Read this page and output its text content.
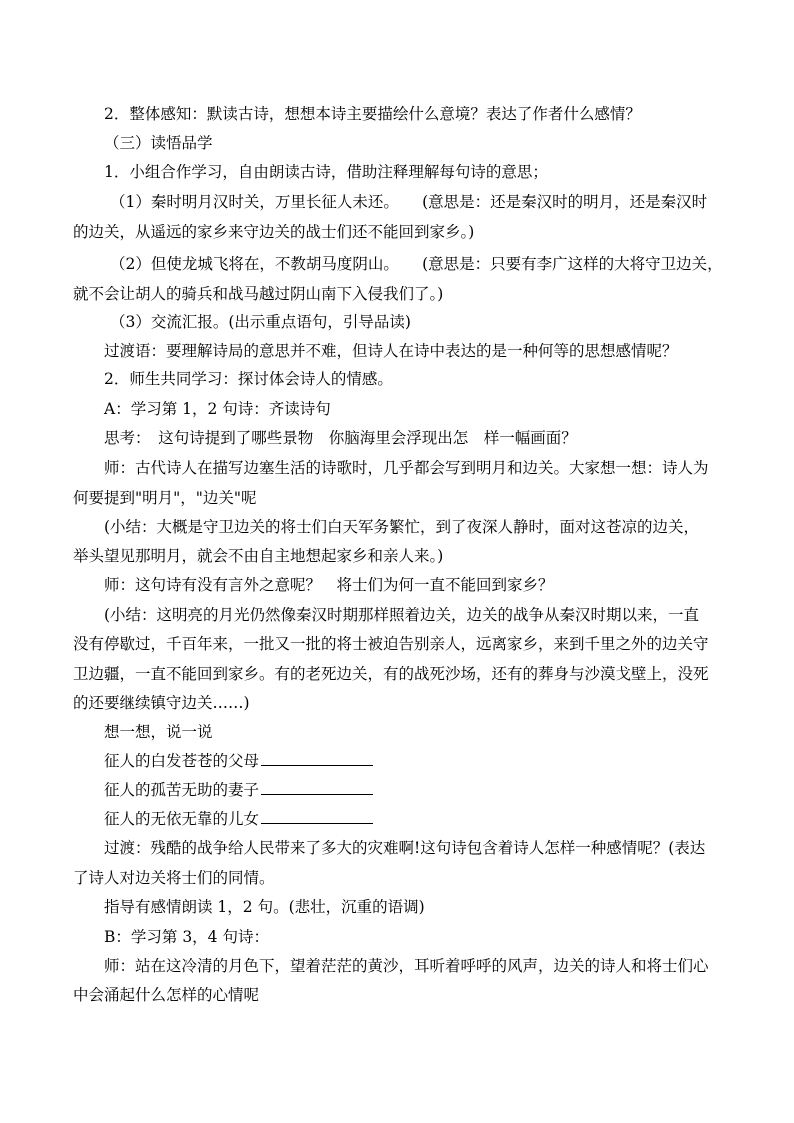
2．整体感知：默读古诗，想想本诗主要描绘什么意境？表达了作者什么感情？
（三）读悟品学
1．小组合作学习，自由朗读古诗，借助注释理解每句诗的意思；
（1）秦时明月汉时关，万里长征人未还。　　(意思是：还是秦汉时的明月，还是秦汉时
的边关，从遥远的家乡来守边关的战士们还不能回到家乡。)
（2）但使龙城飞将在，不教胡马度阴山。　　(意思是：只要有李广这样的大将守卫边关，
就不会让胡人的骑兵和战马越过阴山南下入侵我们了。)
（3）交流汇报。(出示重点语句，引导品读)
过渡语：要理解诗局的意思并不难，但诗人在诗中表达的是一种何等的思想感情呢？
2．师生共同学习：探讨体会诗人的情感。
A：学习第 1，2 句诗：齐读诗句
思考：　这句诗提到了哪些景物　你脑海里会浮现出怎　样一幅画面？
师：古代诗人在描写边塞生活的诗歌时，几乎都会写到明月和边关。大家想一想：诗人为
何要提到"明月"，"边关"呢
(小结：大概是守卫边关的将士们白天军务繁忙，到了夜深人静时，面对这苍凉的边关，
举头望见那明月，就会不由自主地想起家乡和亲人来。)
师：这句诗有没有言外之意呢？　将士们为何一直不能回到家乡？
(小结：这明亮的月光仍然像秦汉时期那样照着边关，边关的战争从秦汉时期以来，一直
没有停歇过，千百年来，一批又一批的将士被迫告别亲人，远离家乡，来到千里之外的边关守
卫边疆，一直不能回到家乡。有的老死边关，有的战死沙场，还有的葬身与沙漠戈壁上，没死
的还要继续镇守边关……)
想一想，说一说
征人的白发苍苍的父母
征人的孤苦无助的妻子
征人的无依无靠的儿女
过渡：残酷的战争给人民带来了多大的灾难啊!这句诗包含着诗人怎样一种感情呢？(表达
了诗人对边关将士们的同情。
指导有感情朗读 1，2 句。(悲壮，沉重的语调)
B：学习第 3，4 句诗：
师：站在这冷清的月色下，望着茫茫的黄沙，耳听着呼呼的风声，边关的诗人和将士们心
中会涌起什么怎样的心情呢
